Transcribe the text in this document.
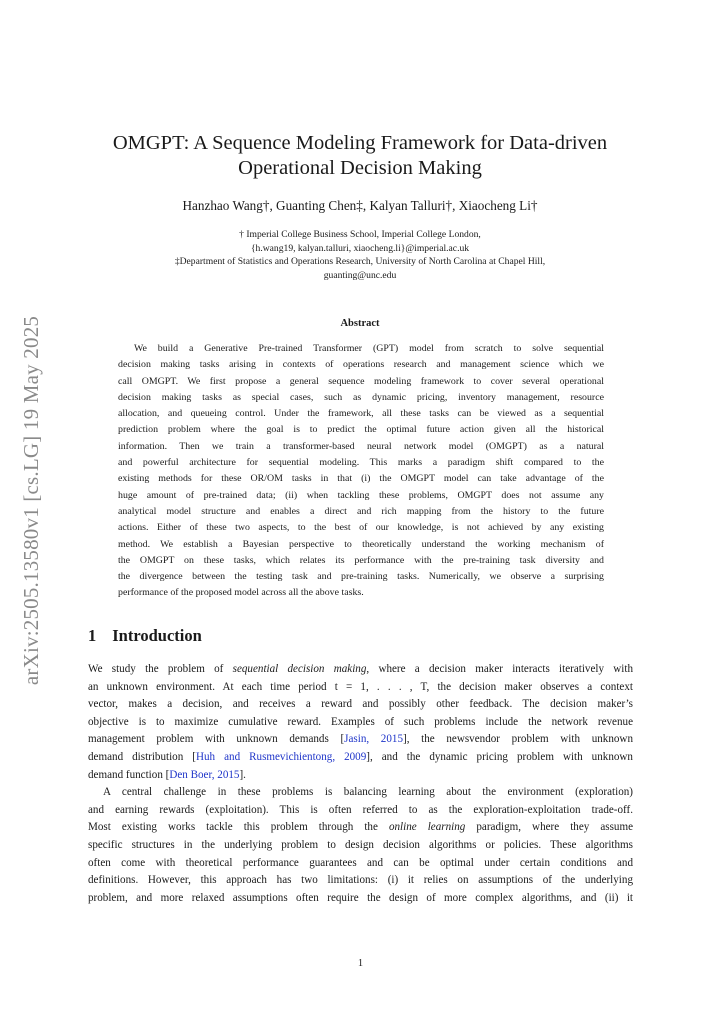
arXiv:2505.13580v1 [cs.LG] 19 May 2025
OMGPT: A Sequence Modeling Framework for Data-driven
Operational Decision Making
Hanzhao Wang†, Guanting Chen‡, Kalyan Talluri†, Xiaocheng Li†
† Imperial College Business School, Imperial College London,
{h.wang19, kalyan.talluri, xiaocheng.li}@imperial.ac.uk
‡Department of Statistics and Operations Research, University of North Carolina at Chapel Hill,
guanting@unc.edu
Abstract
We build a Generative Pre-trained Transformer (GPT) model from scratch to solve sequential
decision making tasks arising in contexts of operations research and management science which we
call OMGPT. We first propose a general sequence modeling framework to cover several operational
decision making tasks as special cases, such as dynamic pricing, inventory management, resource
allocation, and queueing control. Under the framework, all these tasks can be viewed as a sequential
prediction problem where the goal is to predict the optimal future action given all the historical
information. Then we train a transformer-based neural network model (OMGPT) as a natural
and powerful architecture for sequential modeling. This marks a paradigm shift compared to the
existing methods for these OR/OM tasks in that (i) the OMGPT model can take advantage of the
huge amount of pre-trained data; (ii) when tackling these problems, OMGPT does not assume any
analytical model structure and enables a direct and rich mapping from the history to the future
actions. Either of these two aspects, to the best of our knowledge, is not achieved by any existing
method. We establish a Bayesian perspective to theoretically understand the working mechanism of
the OMGPT on these tasks, which relates its performance with the pre-training task diversity and
the divergence between the testing task and pre-training tasks. Numerically, we observe a surprising
performance of the proposed model across all the above tasks.
1 Introduction
We study the problem of sequential decision making, where a decision maker interacts iteratively with
an unknown environment. At each time period t = 1, . . . , T, the decision maker observes a context
vector, makes a decision, and receives a reward and possibly other feedback. The decision maker’s
objective is to maximize cumulative reward. Examples of such problems include the network revenue
management problem with unknown demands [Jasin, 2015], the newsvendor problem with unknown
demand distribution [Huh and Rusmevichientong, 2009], and the dynamic pricing problem with unknown
demand function [Den Boer, 2015].
A central challenge in these problems is balancing learning about the environment (exploration)
and earning rewards (exploitation). This is often referred to as the exploration-exploitation trade-off.
Most existing works tackle this problem through the online learning paradigm, where they assume
specific structures in the underlying problem to design decision algorithms or policies. These algorithms
often come with theoretical performance guarantees and can be optimal under certain conditions and
definitions. However, this approach has two limitations: (i) it relies on assumptions of the underlying
problem, and more relaxed assumptions often require the design of more complex algorithms, and (ii) it
1
